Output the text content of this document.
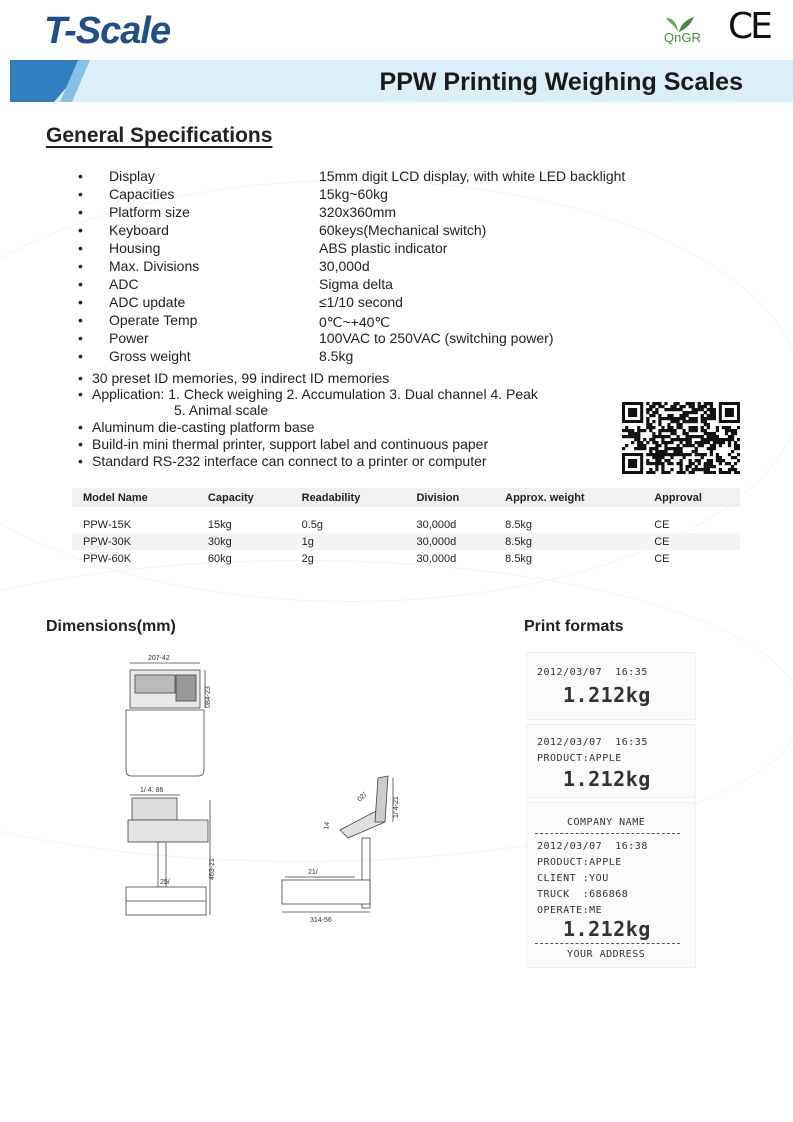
T-Scale	QnGR CE
PPW Printing Weighing Scales
General Specifications
• Display	15mm digit LCD display, with white LED backlight
• Capacities	15kg~60kg
• Platform size	320x360mm
• Keyboard	60keys(Mechanical switch)
• Housing	ABS plastic indicator
• Max. Divisions	30,000d
• ADC	Sigma delta
• ADC update	≤1/10 second
• Operate Temp	0℃~+40℃
• Power	100VAC to 250VAC (switching power)
• Gross weight	8.5kg
• 30 preset ID memories, 99 indirect ID memories
• Application: 1. Check weighing 2. Accumulation 3. Dual channel 4. Peak
5. Animal scale
• Aluminum die-casting platform base
• Build-in mini thermal printer, support label and continuous paper
• Standard RS-232 interface can connect to a printer or computer
Model Name	Capacity	Readability	Division	Approx. weight	Approval

PPW-15K	15kg	0.5g	30,000d	8.5kg	CE
PPW-30K	30kg	1g	30,000d	8.5kg	CE
PPW-60K	60kg	2g	30,000d	8.5kg	CE
Dimensions(mm)
207-42
084-23
1/ 4. 86
463-21
25/
02/	1/ 4-21
14
21/
314-56
Print formats
2012/03/07  16:35
1.212kg
2012/03/07  16:35
PRODUCT:APPLE
1.212kg
COMPANY NAME
2012/03/07  16:38
PRODUCT:APPLE
CLIENT :YOU
TRUCK  :686868
OPERATE:ME
1.212kg
YOUR ADDRESS
